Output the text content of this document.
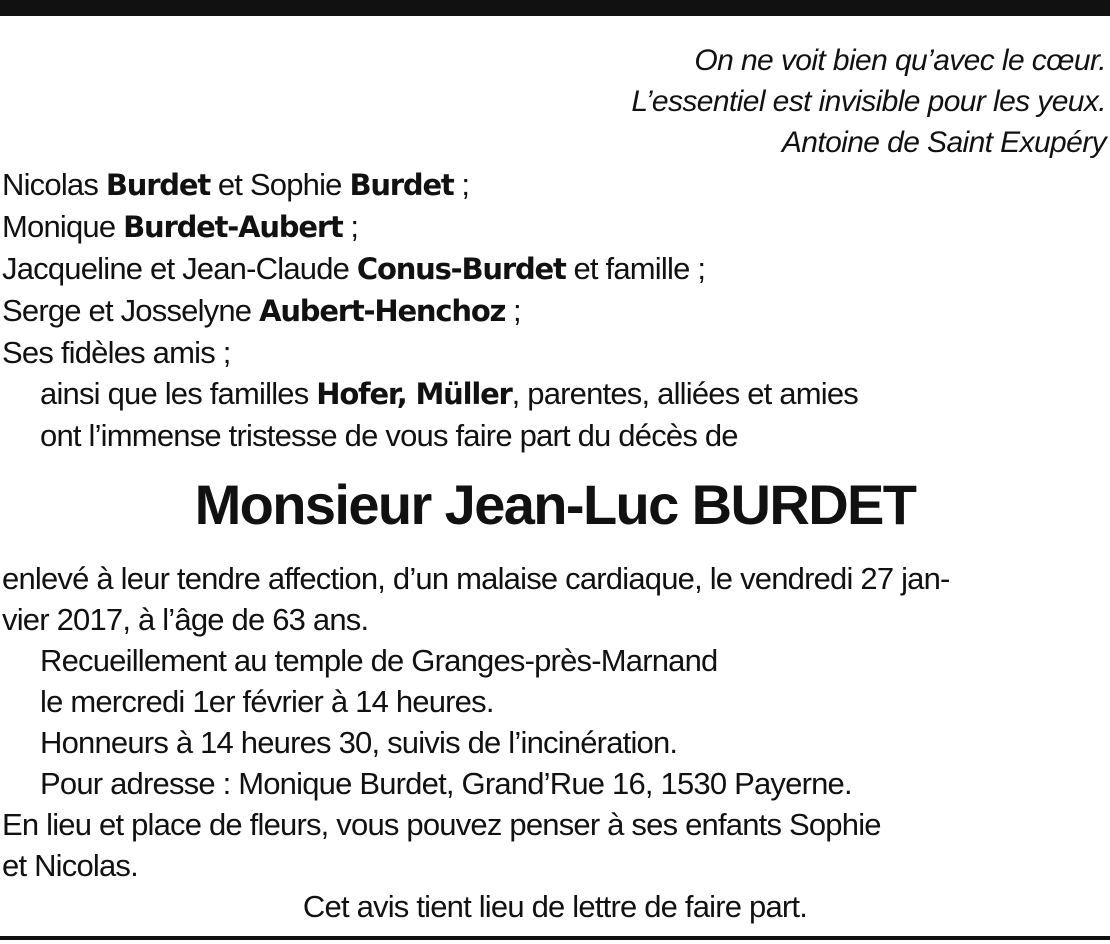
On ne voit bien qu’avec le cœur.
L’essentiel est invisible pour les yeux.
Antoine de Saint Exupéry
Nicolas Burdet et Sophie Burdet ;
Monique Burdet-Aubert ;
Jacqueline et Jean-Claude Conus-Burdet et famille ;
Serge et Josselyne Aubert-Henchoz ;
Ses fidèles amis ;
ainsi que les familles Hofer, Müller, parentes, alliées et amies
ont l’immense tristesse de vous faire part du décès de
Monsieur Jean-Luc BURDET
enlevé à leur tendre affection, d’un malaise cardiaque, le vendredi 27 jan-
vier 2017, à l’âge de 63 ans.
Recueillement au temple de Granges-près-Marnand
le mercredi 1er février à 14 heures.
Honneurs à 14 heures 30, suivis de l’incinération.
Pour adresse : Monique Burdet, Grand’Rue 16, 1530 Payerne.
En lieu et place de fleurs, vous pouvez penser à ses enfants Sophie
et Nicolas.
Cet avis tient lieu de lettre de faire part.
